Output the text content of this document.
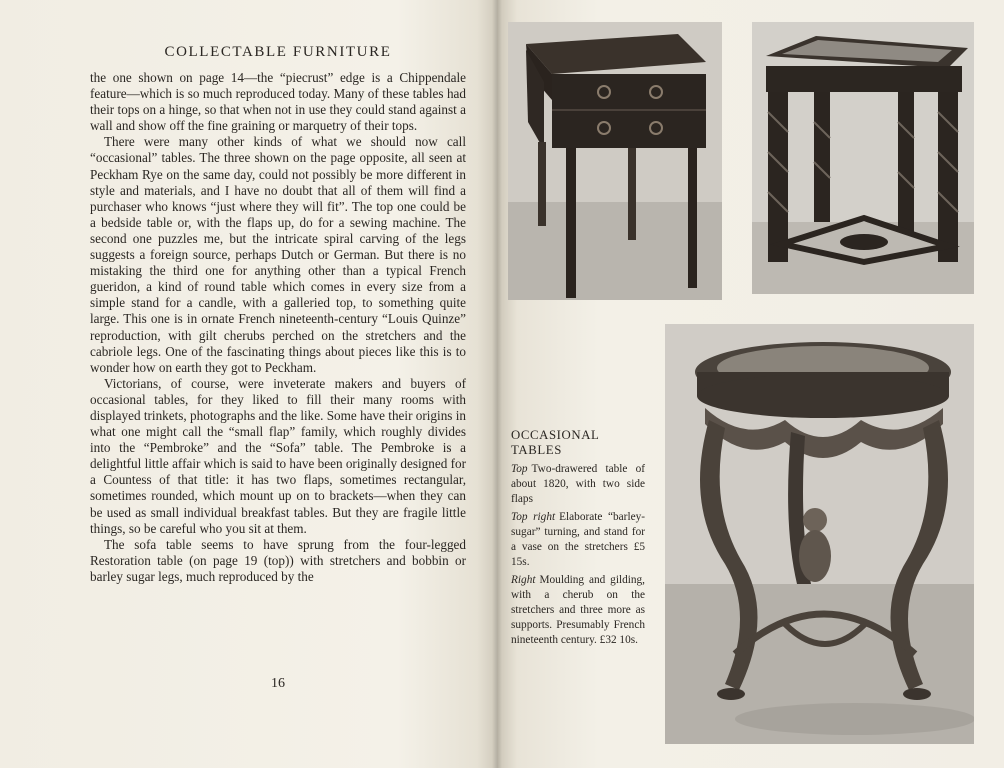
COLLECTABLE FURNITURE

the one shown on page 14—the “piecrust” edge is a Chippendale feature—which is so much reproduced today. Many of these tables had their tops on a hinge, so that when not in use they could stand against a wall and show off the fine graining or marquetry of their tops.

There were many other kinds of what we should now call “occasional” tables. The three shown on the page opposite, all seen at Peckham Rye on the same day, could not possibly be more different in style and materials, and I have no doubt that all of them will find a purchaser who knows “just where they will fit”. The top one could be a bedside table or, with the flaps up, do for a sewing machine. The second one puzzles me, but the intricate spiral carving of the legs suggests a foreign source, perhaps Dutch or German. But there is no mistaking the third one for anything other than a typical French gueridon, a kind of round table which comes in every size from a simple stand for a candle, with a galleried top, to something quite large. This one is in ornate French nineteenth-century “Louis Quinze” reproduction, with gilt cherubs perched on the stretchers and the cabriole legs. One of the fascinating things about pieces like this is to wonder how on earth they got to Peckham.

Victorians, of course, were inveterate makers and buyers of occasional tables, for they liked to fill their many rooms with displayed trinkets, photographs and the like. Some have their origins in what one might call the “small flap” family, which roughly divides into the “Pembroke” and the “Sofa” table. The Pembroke is a delightful little affair which is said to have been originally designed for a Countess of that title: it has two flaps, sometimes rectangular, sometimes rounded, which mount up on to brackets—when they can be used as small individual breakfast tables. But they are fragile little things, so be careful who you sit at them.

The sofa table seems to have sprung from the four-legged Restoration table (on page 19 (top)) with stretchers and bobbin or barley sugar legs, much reproduced by the

16
OCCASIONAL
TABLES
Top Two-drawered table of about 1820, with two side flaps
Top right Elaborate “barley-sugar” turning, and stand for a vase on the stretchers £5 15s.
Right Moulding and gilding, with a cherub on the stretchers and three more as supports. Presumably French nineteenth century. £32 10s.
